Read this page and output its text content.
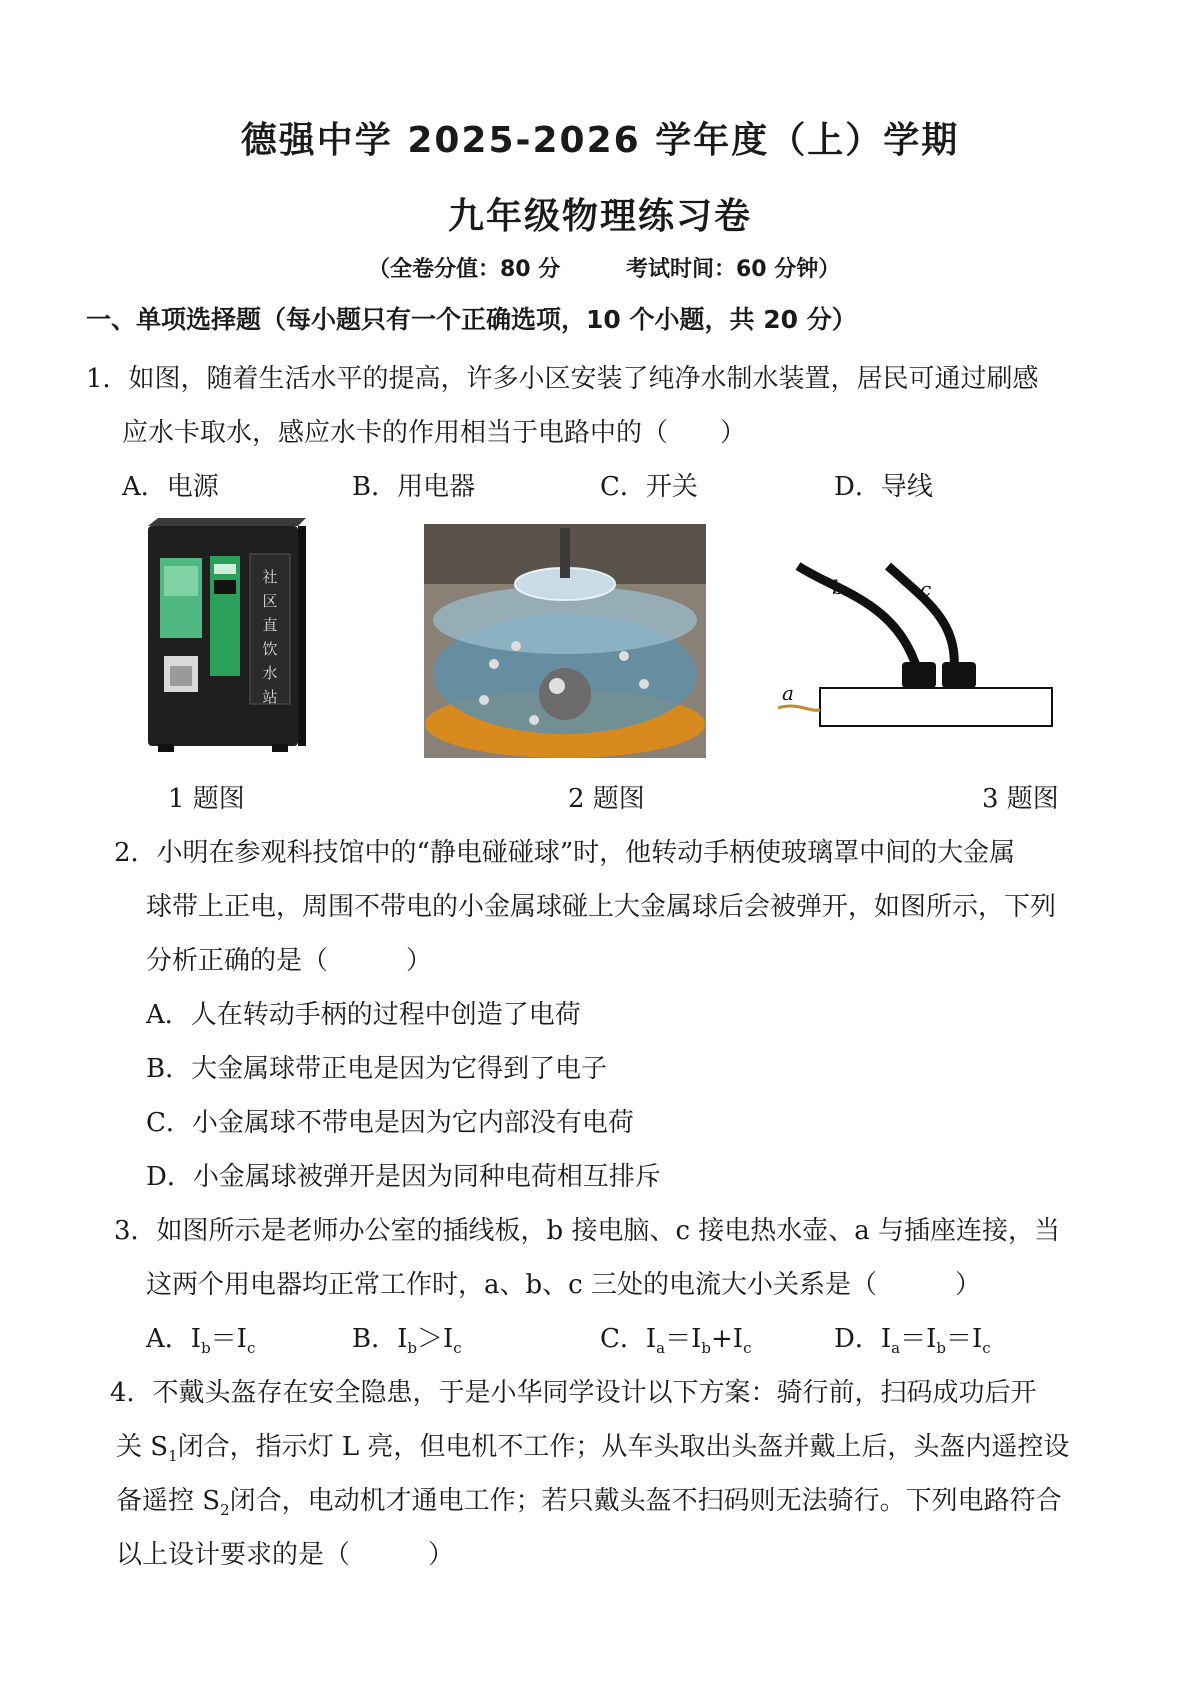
德强中学 2025-2026 学年度（上）学期
九年级物理练习卷
（全卷分值：80 分	考试时间：60 分钟）
一、单项选择题（每小题只有一个正确选项，10 个小题，共 20 分）
1．如图，随着生活水平的提高，许多小区安装了纯净水制水装置，居民可通过刷感
应水卡取水，感应水卡的作用相当于电路中的（　　）
A．电源	B．用电器	C．开关	D．导线
社
区
直
饮
水
站
b	c
a
1 题图	2 题图	3 题图
2．小明在参观科技馆中的“静电碰碰球”时，他转动手柄使玻璃罩中间的大金属
球带上正电，周围不带电的小金属球碰上大金属球后会被弹开，如图所示，下列
分析正确的是（　　　）
A．人在转动手柄的过程中创造了电荷
B．大金属球带正电是因为它得到了电子
C．小金属球不带电是因为它内部没有电荷
D．小金属球被弹开是因为同种电荷相互排斥
3．如图所示是老师办公室的插线板，b 接电脑、c 接电热水壶、a 与插座连接，当
这两个用电器均正常工作时，a、b、c 三处的电流大小关系是（　　　）
A．$I_b=I_c$	B．$I_b>I_c$	C．$I_a=I_b+I_c$	D．$I_a=I_b=I_c$
4．不戴头盔存在安全隐患，于是小华同学设计以下方案：骑行前，扫码成功后开
关 $S_1$闭合，指示灯 L 亮，但电机不工作；从车头取出头盔并戴上后，头盔内遥控设
备遥控 $S_2$闭合，电动机才通电工作；若只戴头盔不扫码则无法骑行。下列电路符合
以上设计要求的是（　　　）
